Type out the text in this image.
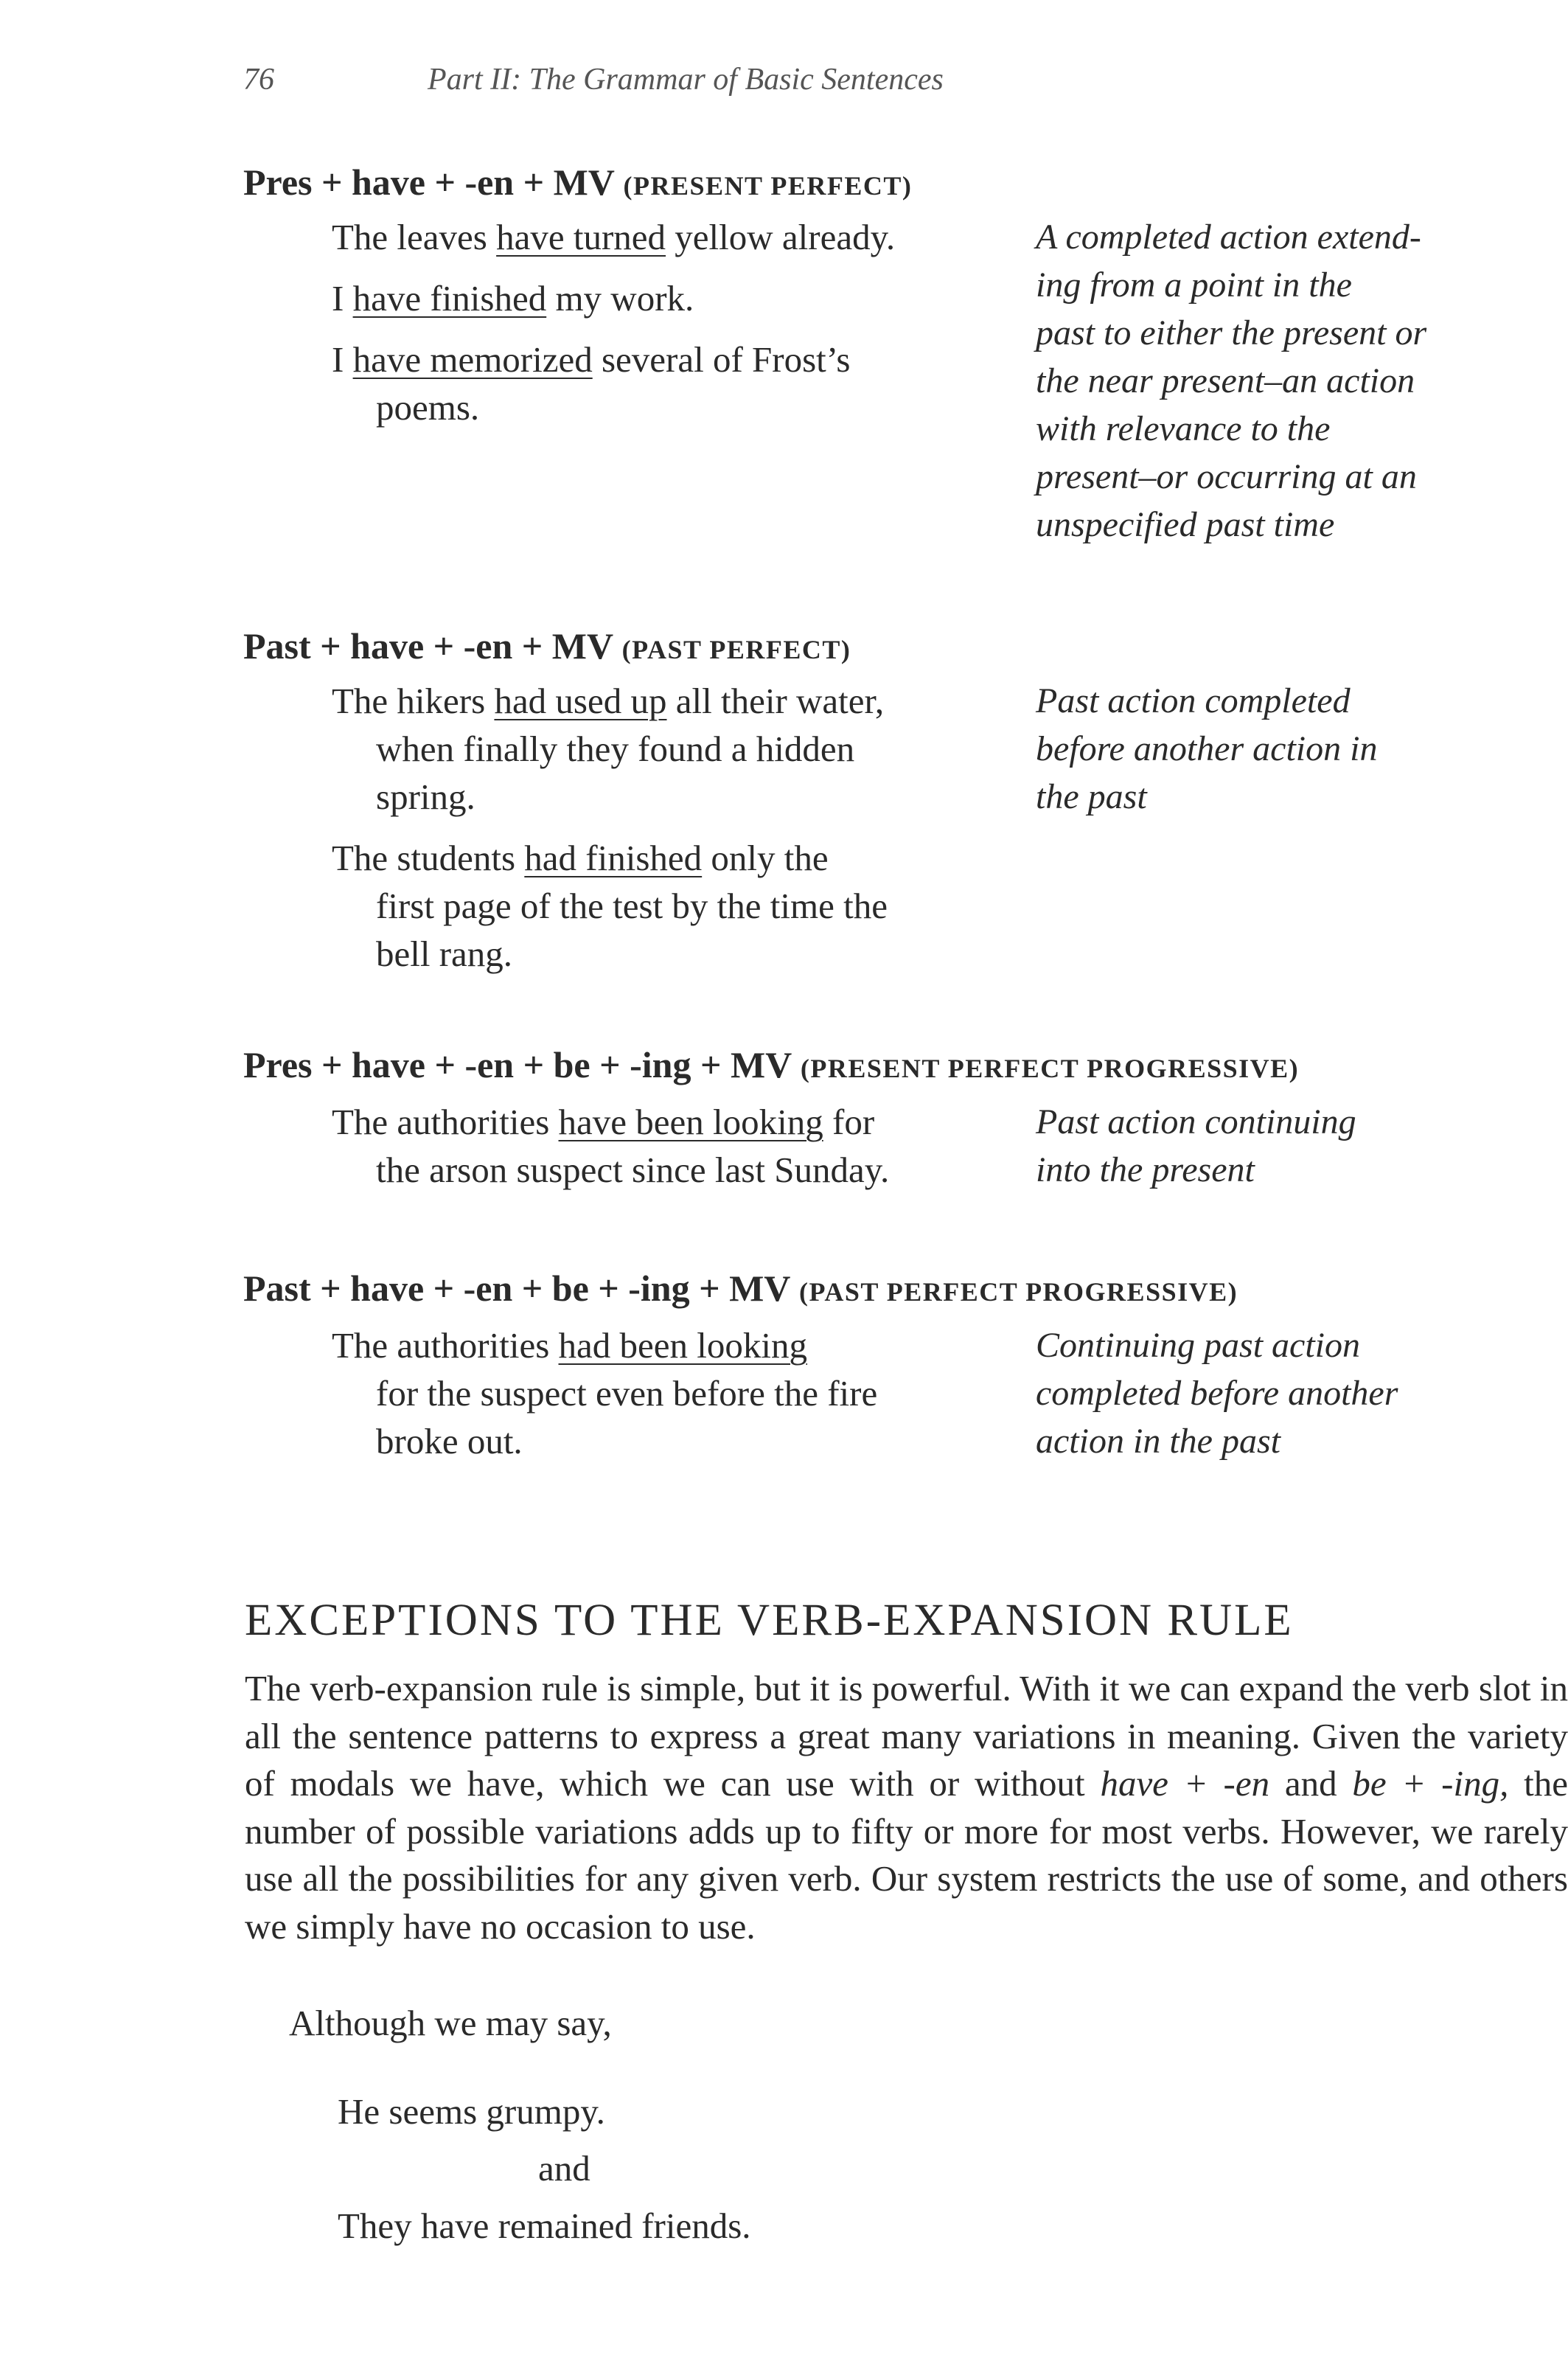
76	Part II: The Grammar of Basic Sentences
Pres + have + -en + MV (PRESENT PERFECT)
The leaves have turned yellow already.
I have finished my work.
I have memorized several of Frost’s
poems.
A completed action extend-
ing from a point in the
past to either the present or
the near present–an action
with relevance to the
present–or occurring at an
unspecified past time
Past + have + -en + MV (PAST PERFECT)
The hikers had used up all their water,
when finally they found a hidden
spring.
The students had finished only the
first page of the test by the time the
bell rang.
Past action completed
before another action in
the past
Pres + have + -en + be + -ing + MV (PRESENT PERFECT PROGRESSIVE)
The authorities have been looking for
the arson suspect since last Sunday.
Past action continuing
into the present
Past + have + -en + be + -ing + MV (PAST PERFECT PROGRESSIVE)
The authorities had been looking
for the suspect even before the fire
broke out.
Continuing past action
completed before another
action in the past
EXCEPTIONS TO THE VERB-EXPANSION RULE
The verb-expansion rule is simple, but it is powerful. With it we can expand the verb slot in all the sentence patterns to express a great many variations in meaning. Given the variety of modals we have, which we can use with or without have + -en and be + -ing, the number of possible variations adds up to fifty or more for most verbs. However, we rarely use all the possibilities for any given verb. Our system restricts the use of some, and others we simply have no occasion to use.
Although we may say,
He seems grumpy.
and
They have remained friends.
